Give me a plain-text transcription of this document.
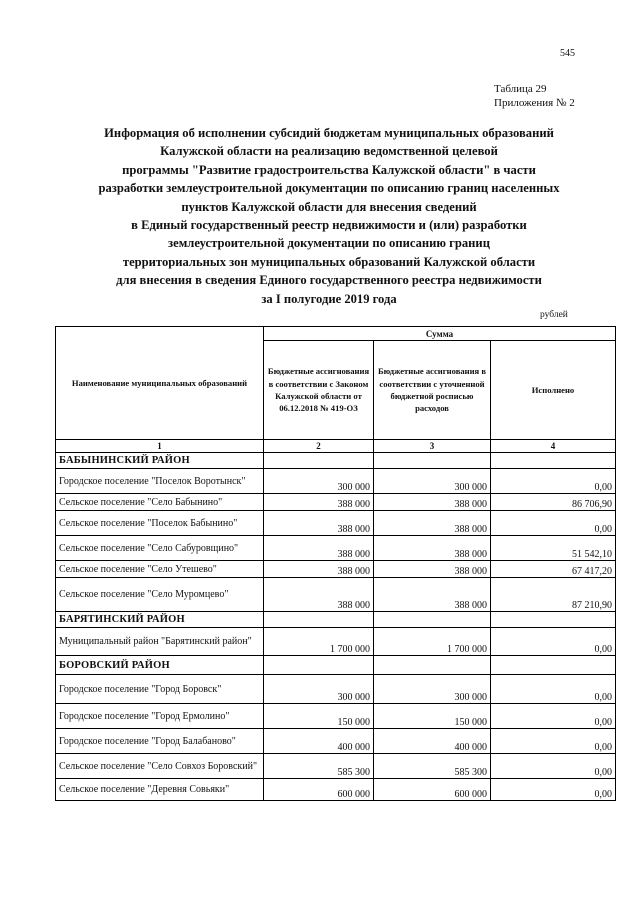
545
Таблица 29
Приложения № 2
Информация об исполнении субсидий бюджетам муниципальных образований
Калужской области на реализацию ведомственной целевой
программы "Развитие градостроительства Калужской области" в части
разработки землеустроительной документации по описанию границ населенных
пунктов Калужской области для внесения сведений
в Единый государственный реестр недвижимости и (или) разработки
землеустроительной документации по описанию границ
территориальных зон муниципальных образований Калужской области
для внесения в сведения Единого государственного реестра недвижимости
за I полугодие 2019 года
рублей
Наименование муниципальных образований	Сумма		
	Бюджетные ассигнования в соответствии с Законом Калужской области от 06.12.2018 № 419-ОЗ	Бюджетные ассигнования в соответствии с уточненной бюджетной росписью расходов	Исполнено
1	2	3	4
БАБЫНИНСКИЙ РАЙОН			
Городское поселение "Поселок Воротынск"	300 000	300 000	0,00
Сельское поселение "Село Бабынино"	388 000	388 000	86 706,90
Сельское поселение "Поселок Бабынино"	388 000	388 000	0,00
Сельское поселение "Село Сабуровщино"	388 000	388 000	51 542,10
Сельское поселение "Село Утешево"	388 000	388 000	67 417,20
Сельское поселение "Село Муромцево"	388 000	388 000	87 210,90
БАРЯТИНСКИЙ РАЙОН			
Муниципальный район "Барятинский район"	1 700 000	1 700 000	0,00
БОРОВСКИЙ РАЙОН			
Городское поселение "Город Боровск"	300 000	300 000	0,00
Городское поселение "Город Ермолино"	150 000	150 000	0,00
Городское поселение "Город Балабаново"	400 000	400 000	0,00
Сельское поселение "Село Совхоз Боровский"	585 300	585 300	0,00
Сельское поселение "Деревня Совьяки"	600 000	600 000	0,00
